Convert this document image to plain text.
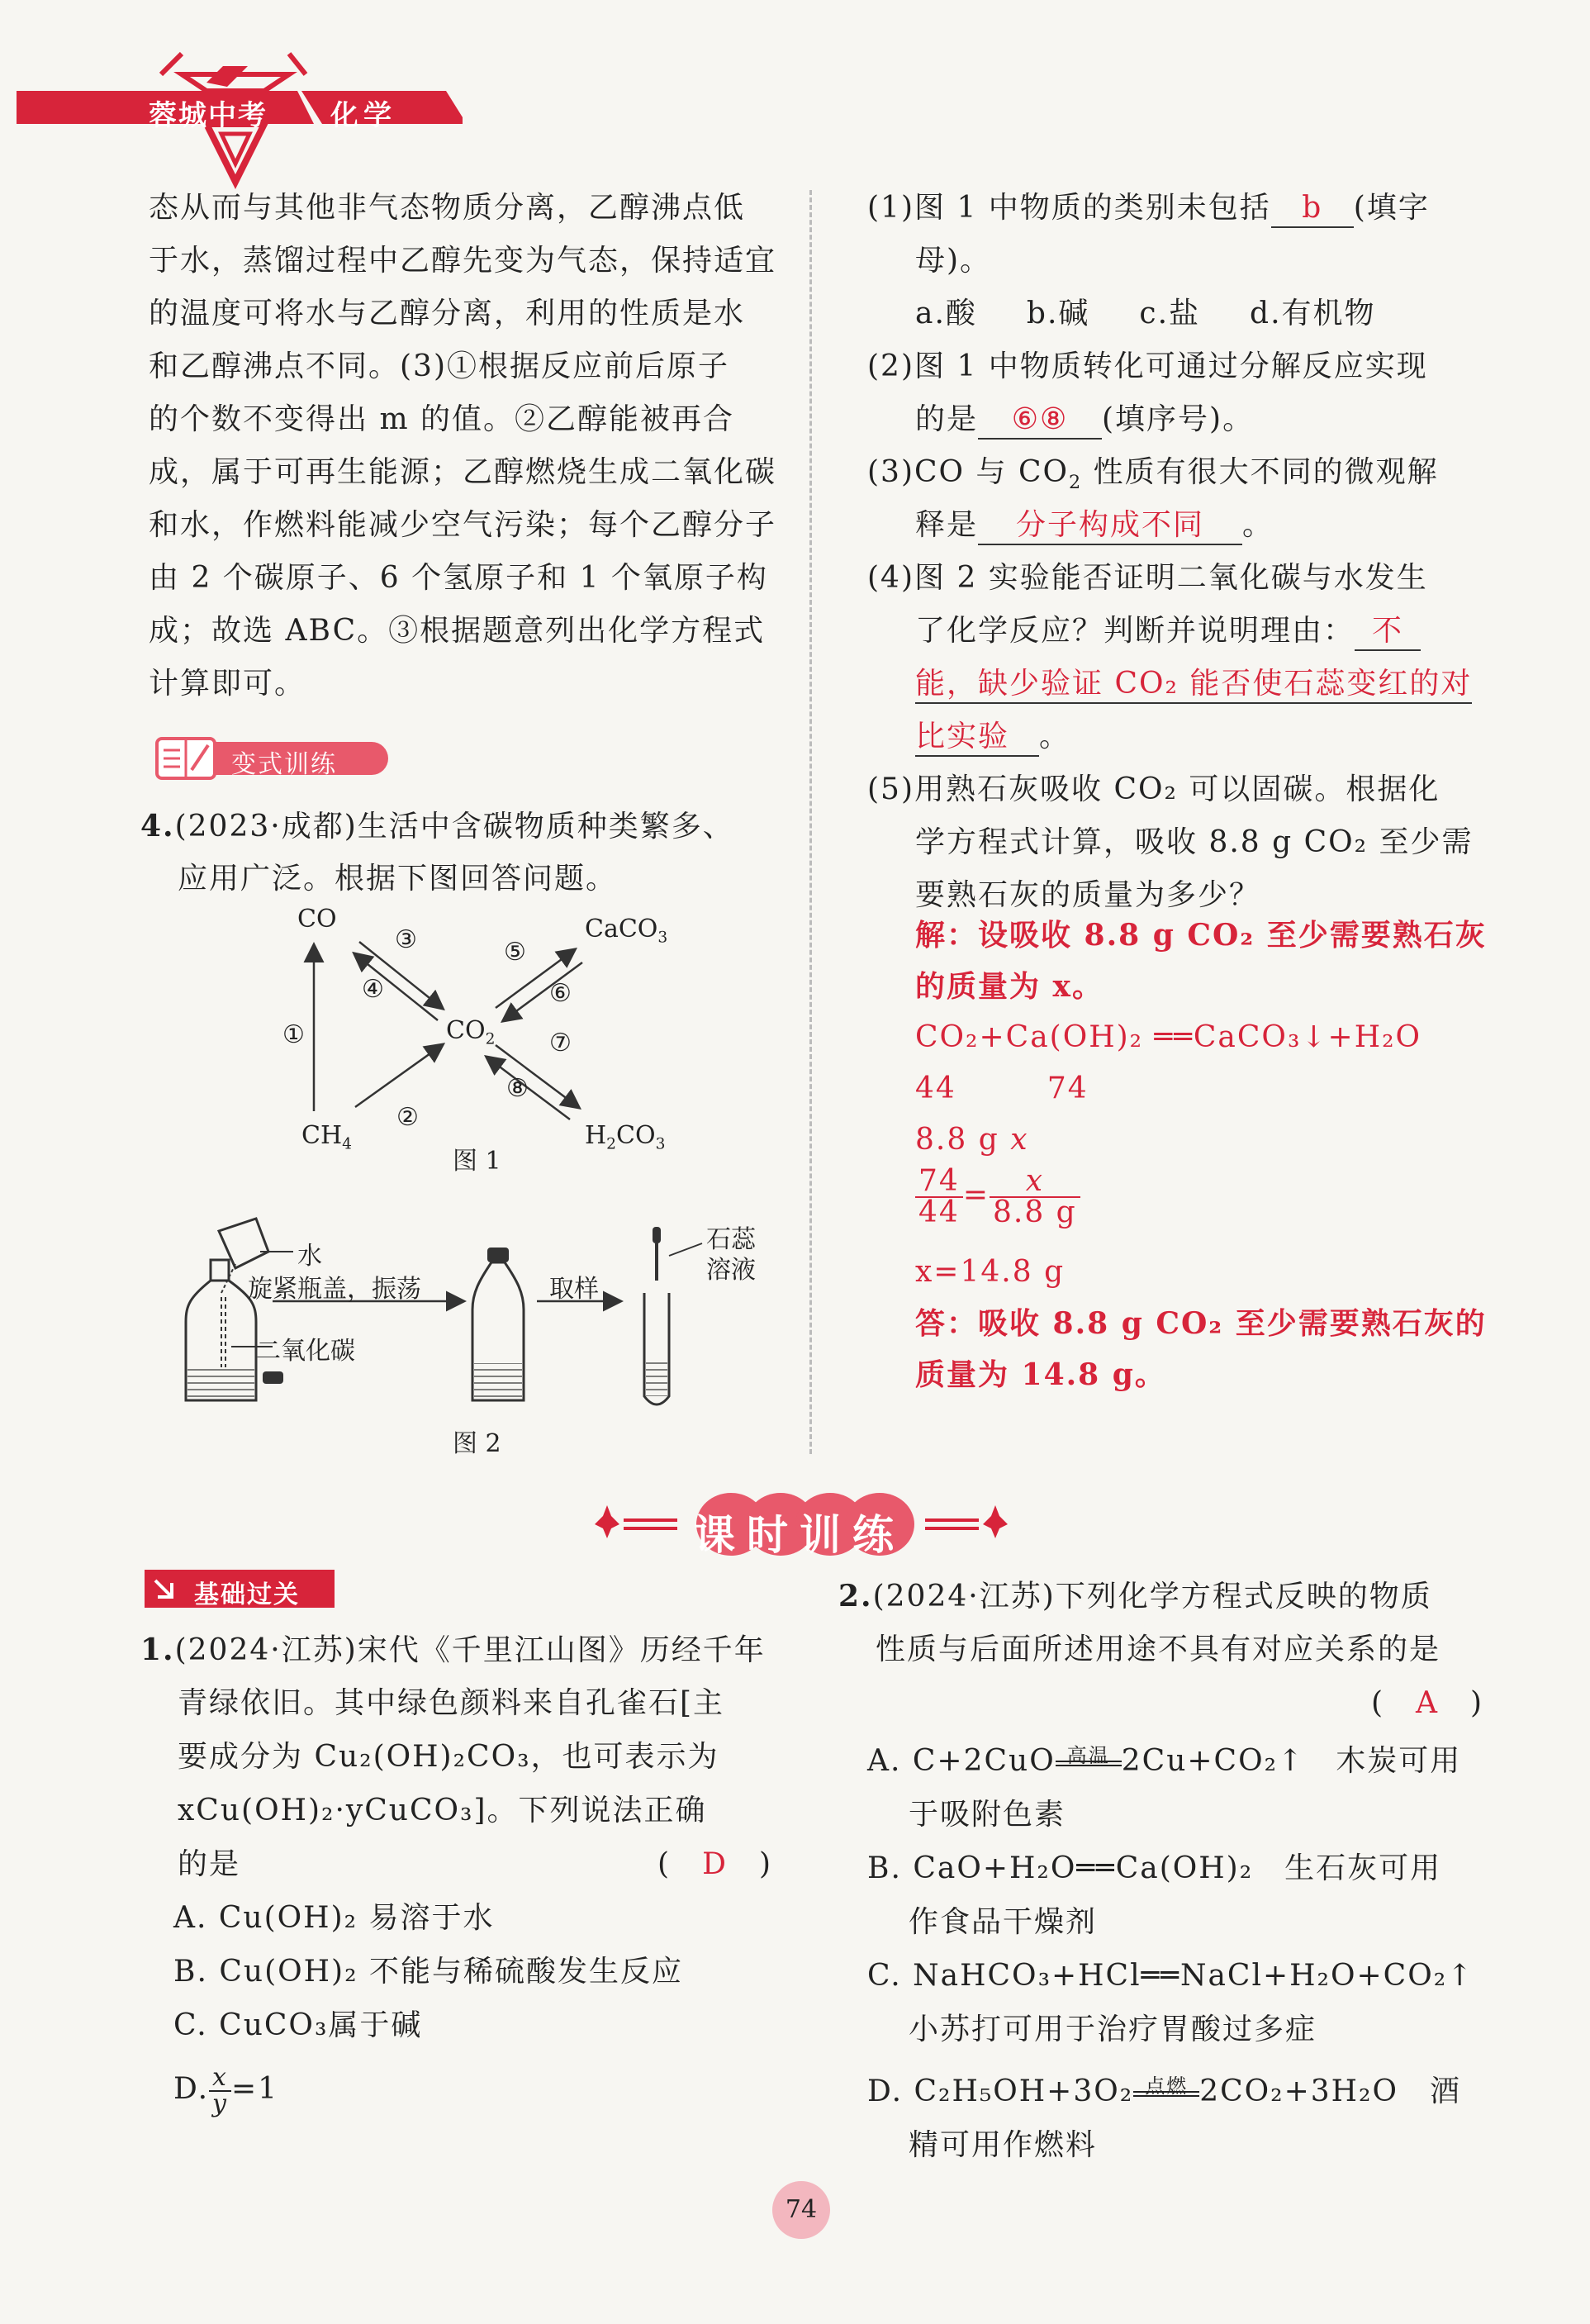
蓉城中考 化学
态从而与其他非气态物质分离，乙醇沸点低
于水，蒸馏过程中乙醇先变为气态，保持适宜
的温度可将水与乙醇分离，利用的性质是水
和乙醇沸点不同。(3)①根据反应前后原子
的个数不变得出 m 的值。②乙醇能被再合
成，属于可再生能源；乙醇燃烧生成二氧化碳
和水，作燃料能减少空气污染；每个乙醇分子
由 2 个碳原子、6 个氢原子和 1 个氧原子构
成；故选 ABC。③根据题意列出化学方程式
计算即可。
变式训练
4.(2023·成都)生活中含碳物质种类繁多、
应用广泛。根据下图回答问题。
CO	CaCO$_3$
$CO_2$
$CH_4$	$H_2CO_3$
①
②
③
④
⑤
⑥
⑦
⑧
图 1
水
旋紧瓶盖，振荡
二氧化碳
取样
石蕊
溶液
图 2
(1)图 1 中物质的类别未包括 b (填字
母)。
a.酸 b.碱 c.盐 d.有机物
(2)图 1 中物质转化可通过分解反应实现
的是 ⑥⑧ (填序号)。
(3)CO 与 $CO_2$ 性质有很大不同的微观解
释是 分子构成不同 。
(4)图 2 实验能否证明二氧化碳与水发生
了化学反应？判断并说明理由： 不
能，缺少验证 CO₂ 能否使石蕊变红的对
比实验 。
(5)用熟石灰吸收 CO₂ 可以固碳。根据化
学方程式计算，吸收 8.8 g CO₂ 至少需
要熟石灰的质量为多少？
解：设吸收 8.8 g CO₂ 至少需要熟石灰
的质量为 x。
CO₂+Ca(OH)₂ ══CaCO₃↓+H₂O
44	74
8.8 g x
$\frac{74}{44} = \frac{x}{8.8 g}$
x=14.8 g
答：吸收 8.8 g CO₂ 至少需要熟石灰的
质量为 14.8 g。
课时训练
基础过关
1.(2024·江苏)宋代《千里江山图》历经千年
青绿依旧。其中绿色颜料来自孔雀石[主
要成分为 Cu₂(OH)₂CO₃，也可表示为
xCu(OH)₂·yCuCO₃]。下列说法正确
的是	(　D　)
A. Cu(OH)₂ 易溶于水
B. Cu(OH)₂ 不能与稀硫酸发生反应
C. CuCO₃属于碱
D. $\frac{x}{y} =1$
2.(2024·江苏)下列化学方程式反映的物质
性质与后面所述用途不具有对应关系的是
(　A　)
A. C+2CuO 高温 2Cu+CO₂↑　木炭可用
于吸附色素
B. CaO+H₂O══Ca(OH)₂　生石灰可用
作食品干燥剂
C. NaHCO₃+HCl══NaCl+H₂O+CO₂↑
小苏打可用于治疗胃酸过多症
D. C₂H₅OH+3O₂ 点燃 2CO₂+3H₂O　酒
精可用作燃料
74
